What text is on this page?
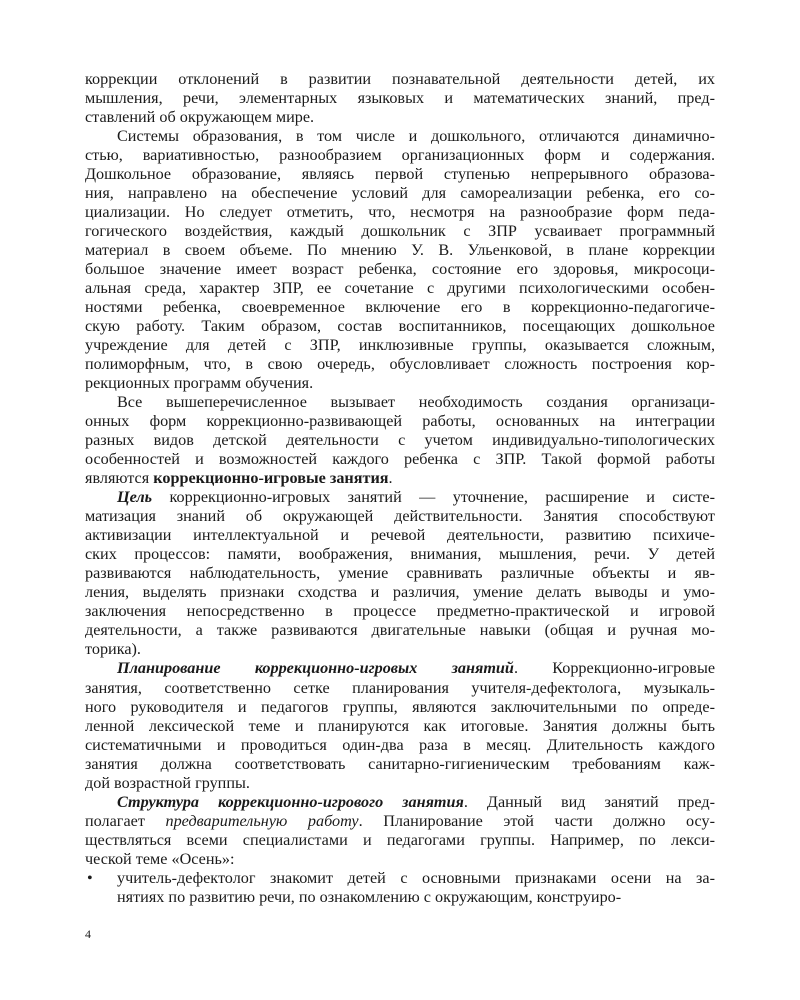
коррекции отклонений в развитии познавательной деятельности детей, их
мышления, речи, элементарных языковых и математических знаний, пред-
ставлений об окружающем мире.
Системы образования, в том числе и дошкольного, отличаются динамично-
стью, вариативностью, разнообразием организационных форм и содержания.
Дошкольное образование, являясь первой ступенью непрерывного образова-
ния, направлено на обеспечение условий для самореализации ребенка, его со-
циализации. Но следует отметить, что, несмотря на разнообразие форм педа-
гогического воздействия, каждый дошкольник с ЗПР усваивает программный
материал в своем объеме. По мнению У. В. Ульенковой, в плане коррекции
большое значение имеет возраст ребенка, состояние его здоровья, микросоци-
альная среда, характер ЗПР, ее сочетание с другими психологическими особен-
ностями ребенка, своевременное включение его в коррекционно-педагогиче-
скую работу. Таким образом, состав воспитанников, посещающих дошкольное
учреждение для детей с ЗПР, инклюзивные группы, оказывается сложным,
полиморфным, что, в свою очередь, обусловливает сложность построения кор-
рекционных программ обучения.
Все вышеперечисленное вызывает необходимость создания организаци-
онных форм коррекционно-развивающей работы, основанных на интеграции
разных видов детской деятельности с учетом индивидуально-типологических
особенностей и возможностей каждого ребенка с ЗПР. Такой формой работы
являются коррекционно-игровые занятия.
Цель коррекционно-игровых занятий — уточнение, расширение и систе-
матизация знаний об окружающей действительности. Занятия способствуют
активизации интеллектуальной и речевой деятельности, развитию психиче-
ских процессов: памяти, воображения, внимания, мышления, речи. У детей
развиваются наблюдательность, умение сравнивать различные объекты и яв-
ления, выделять признаки сходства и различия, умение делать выводы и умо-
заключения непосредственно в процессе предметно-практической и игровой
деятельности, а также развиваются двигательные навыки (общая и ручная мо-
торика).
Планирование коррекционно-игровых занятий. Коррекционно-игровые
занятия, соответственно сетке планирования учителя-дефектолога, музыкаль-
ного руководителя и педагогов группы, являются заключительными по опреде-
ленной лексической теме и планируются как итоговые. Занятия должны быть
систематичными и проводиться один-два раза в месяц. Длительность каждого
занятия должна соответствовать санитарно-гигиеническим требованиям каж-
дой возрастной группы.
Структура коррекционно-игрового занятия. Данный вид занятий пред-
полагает предварительную работу. Планирование этой части должно осу-
ществляться всеми специалистами и педагогами группы. Например, по лекси-
ческой теме «Осень»:
• учитель-дефектолог знакомит детей с основными признаками осени на за-
нятиях по развитию речи, по ознакомлению с окружающим, конструиро-
4
